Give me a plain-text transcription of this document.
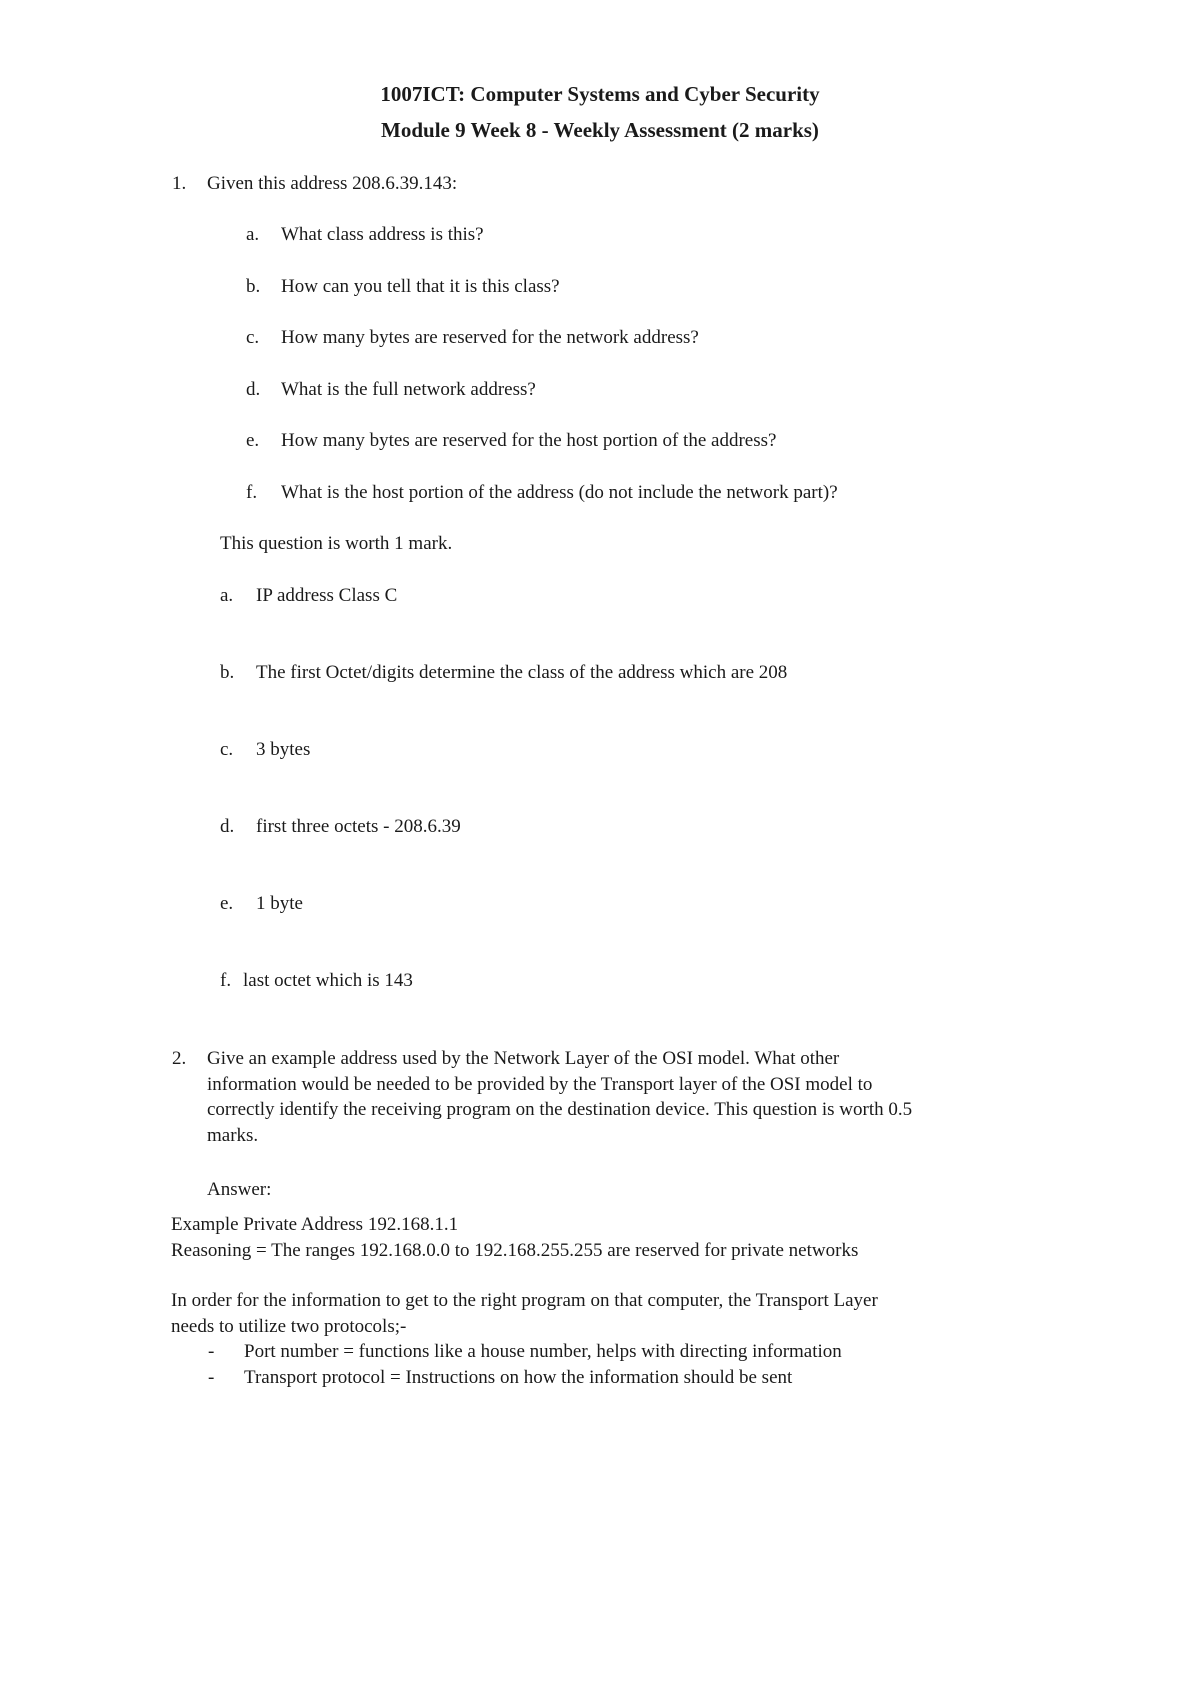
1007ICT: Computer Systems and Cyber Security
Module 9 Week 8 - Weekly Assessment (2 marks)
1. Given this address 208.6.39.143:
a. What class address is this?
b. How can you tell that it is this class?
c. How many bytes are reserved for the network address?
d. What is the full network address?
e. How many bytes are reserved for the host portion of the address?
f. What is the host portion of the address (do not include the network part)?
This question is worth 1 mark.
a. IP address Class C
b. The first Octet/digits determine the class of the address which are 208
c. 3 bytes
d. first three octets - 208.6.39
e. 1 byte
f. last octet which is 143
2. Give an example address used by the Network Layer of the OSI model. What other
information would be needed to be provided by the Transport layer of the OSI model to
correctly identify the receiving program on the destination device. This question is worth 0.5
marks.
Answer:
Example Private Address 192.168.1.1
Reasoning = The ranges 192.168.0.0 to 192.168.255.255 are reserved for private networks
In order for the information to get to the right program on that computer, the Transport Layer
needs to utilize two protocols;-
- Port number = functions like a house number, helps with directing information
- Transport protocol = Instructions on how the information should be sent
